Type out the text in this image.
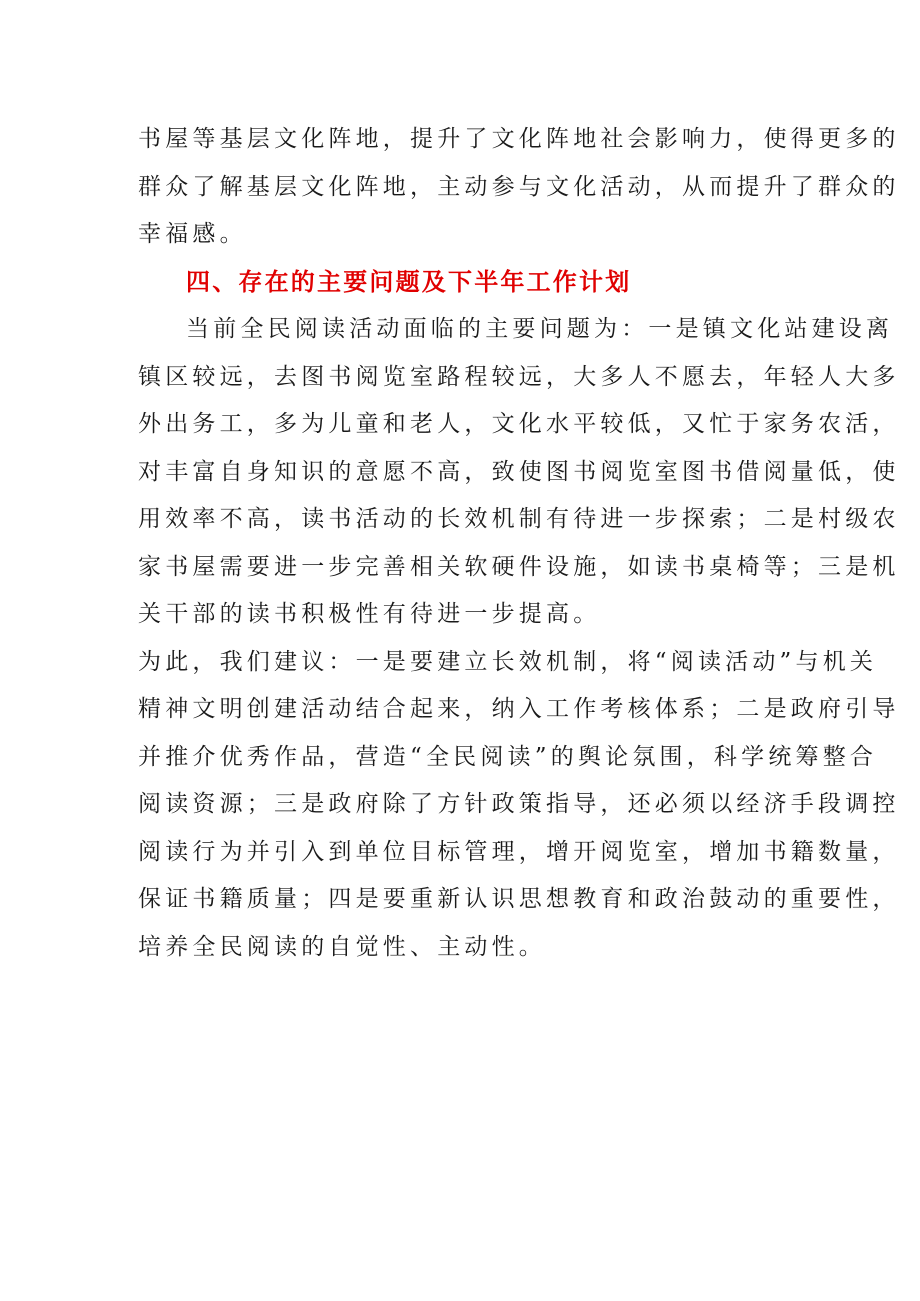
书屋等基层文化阵地，提升了文化阵地社会影响力，使得更多的
群众了解基层文化阵地，主动参与文化活动，从而提升了群众的
幸福感。
四、存在的主要问题及下半年工作计划
当前全民阅读活动面临的主要问题为：一是镇文化站建设离
镇区较远，去图书阅览室路程较远，大多人不愿去，年轻人大多
外出务工，多为儿童和老人，文化水平较低，又忙于家务农活，
对丰富自身知识的意愿不高，致使图书阅览室图书借阅量低，使
用效率不高，读书活动的长效机制有待进一步探索；二是村级农
家书屋需要进一步完善相关软硬件设施，如读书桌椅等；三是机
关干部的读书积极性有待进一步提高。
为此，我们建议：一是要建立长效机制，将“阅读活动”与机关
精神文明创建活动结合起来，纳入工作考核体系；二是政府引导
并推介优秀作品，营造“全民阅读”的舆论氛围，科学统筹整合
阅读资源；三是政府除了方针政策指导，还必须以经济手段调控
阅读行为并引入到单位目标管理，增开阅览室，增加书籍数量，
保证书籍质量；四是要重新认识思想教育和政治鼓动的重要性，
培养全民阅读的自觉性、主动性。
